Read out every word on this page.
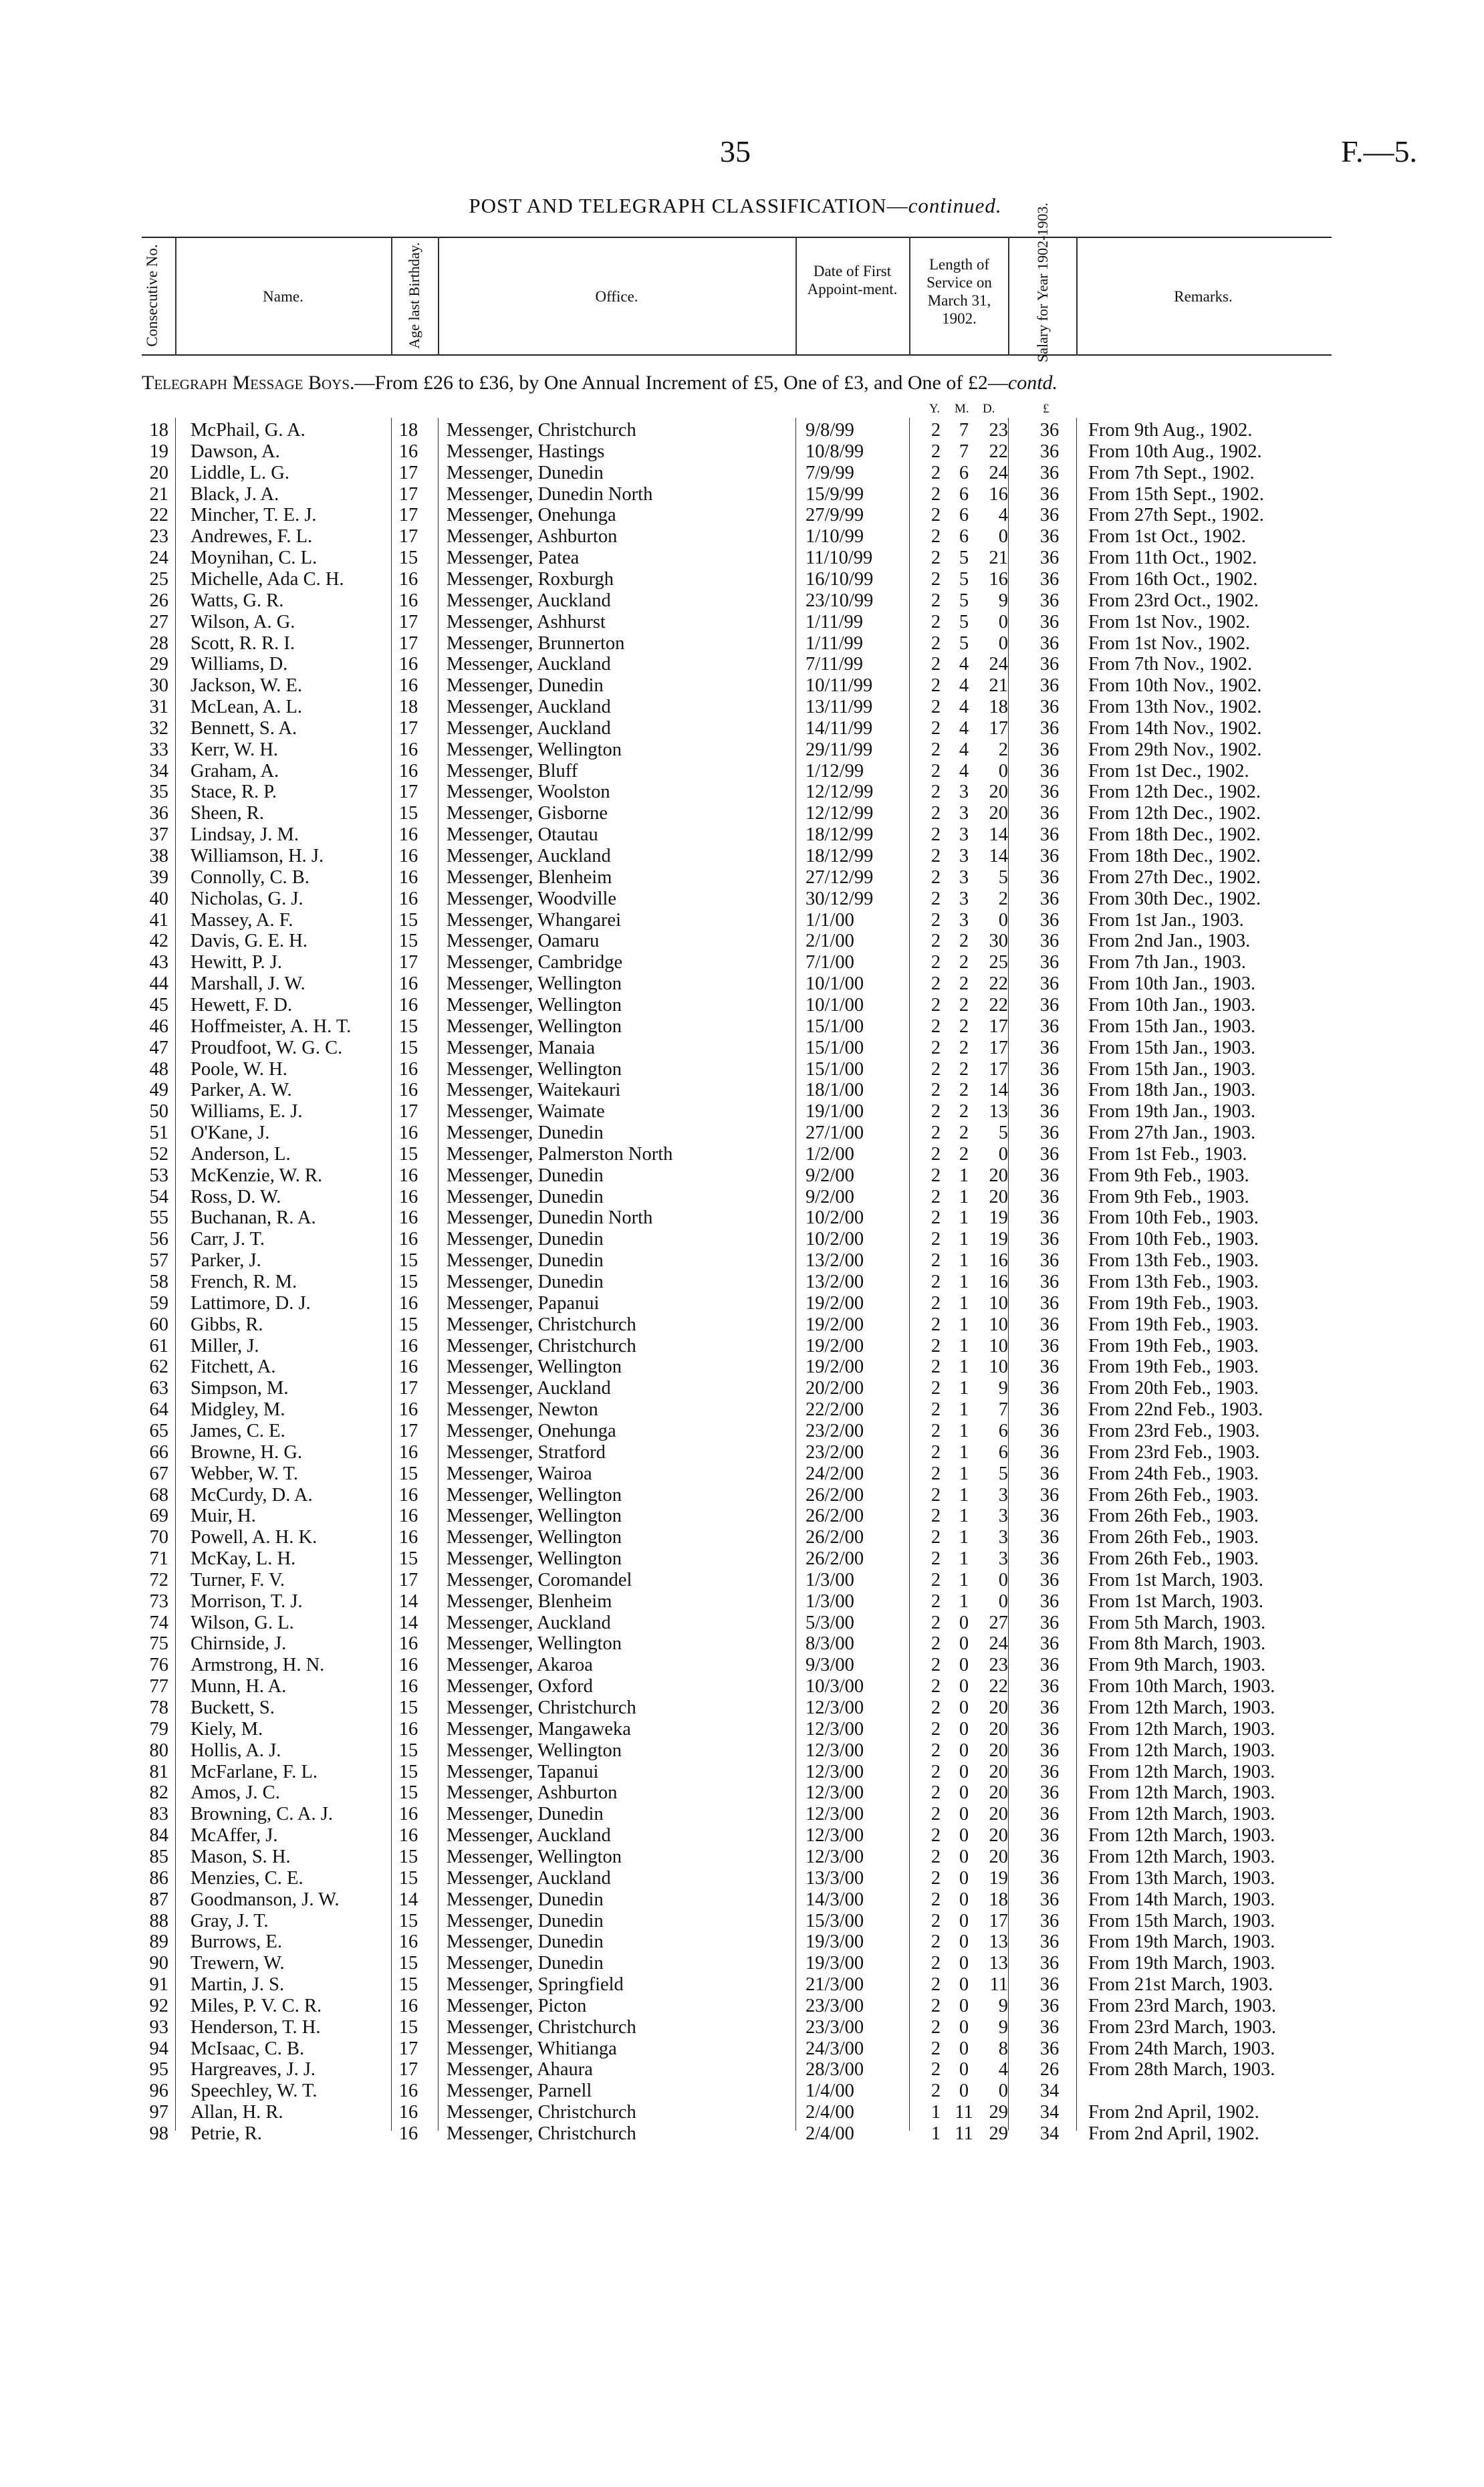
35	F.—5.
POST AND TELEGRAPH CLASSIFICATION—continued.
Consecutive No.	Name.	Age last Birthday.	Office.
Date of First Appoint-ment.
Length of Service on March 31, 1902.	Salary for Year 1902-1903.	Remarks.
Telegraph Message Boys.—From £26 to £36, by One Annual Increment of £5, One of £3, and One of £2—contd.
Y. M. D.	£
18 McPhail, G. A.	18	Messenger, Christchurch	9/8/99	2 7	23	36	From 9th Aug., 1902.
19 Dawson, A.	16	Messenger, Hastings	10/8/99	2 7	22	36	From 10th Aug., 1902.
20 Liddle, L. G.	17	Messenger, Dunedin	7/9/99	2 6	24	36	From 7th Sept., 1902.
21 Black, J. A.	17	Messenger, Dunedin North	15/9/99	2 6	16	36	From 15th Sept., 1902.
22 Mincher, T. E. J.	17	Messenger, Onehunga	27/9/99	2 6	4	36	From 27th Sept., 1902.
23 Andrewes, F. L.	17	Messenger, Ashburton	1/10/99	2 6	0	36	From 1st Oct., 1902.
24 Moynihan, C. L.	15	Messenger, Patea	11/10/99	2 5	21	36	From 11th Oct., 1902.
25 Michelle, Ada C. H.	16	Messenger, Roxburgh	16/10/99	2 5	16	36	From 16th Oct., 1902.
26 Watts, G. R.	16	Messenger, Auckland	23/10/99	2 5	9	36	From 23rd Oct., 1902.
27 Wilson, A. G.	17	Messenger, Ashhurst	1/11/99	2 5	0	36	From 1st Nov., 1902.
28 Scott, R. R. I.	17	Messenger, Brunnerton	1/11/99	2 5	0	36	From 1st Nov., 1902.
29 Williams, D.	16	Messenger, Auckland	7/11/99	2 4	24	36	From 7th Nov., 1902.
30 Jackson, W. E.	16	Messenger, Dunedin	10/11/99	2 4	21	36	From 10th Nov., 1902.
31 McLean, A. L.	18	Messenger, Auckland	13/11/99	2 4	18	36	From 13th Nov., 1902.
32 Bennett, S. A.	17	Messenger, Auckland	14/11/99	2 4	17	36	From 14th Nov., 1902.
33 Kerr, W. H.	16	Messenger, Wellington	29/11/99	2 4	2	36	From 29th Nov., 1902.
34 Graham, A.	16	Messenger, Bluff	1/12/99	2 4	0	36	From 1st Dec., 1902.
35 Stace, R. P.	17	Messenger, Woolston	12/12/99	2 3	20	36	From 12th Dec., 1902.
36 Sheen, R.	15	Messenger, Gisborne	12/12/99	2 3	20	36	From 12th Dec., 1902.
37 Lindsay, J. M.	16	Messenger, Otautau	18/12/99	2 3	14	36	From 18th Dec., 1902.
38 Williamson, H. J.	16	Messenger, Auckland	18/12/99	2 3	14	36	From 18th Dec., 1902.
39 Connolly, C. B.	16	Messenger, Blenheim	27/12/99	2 3	5	36	From 27th Dec., 1902.
40 Nicholas, G. J.	16	Messenger, Woodville	30/12/99	2 3	2	36	From 30th Dec., 1902.
41 Massey, A. F.	15	Messenger, Whangarei	1/1/00	2 3	0	36	From 1st Jan., 1903.
42 Davis, G. E. H.	15	Messenger, Oamaru	2/1/00	2 2	30	36	From 2nd Jan., 1903.
43 Hewitt, P. J.	17	Messenger, Cambridge	7/1/00	2 2	25	36	From 7th Jan., 1903.
44 Marshall, J. W.	16	Messenger, Wellington	10/1/00	2 2	22	36	From 10th Jan., 1903.
45 Hewett, F. D.	16	Messenger, Wellington	10/1/00	2 2	22	36	From 10th Jan., 1903.
46 Hoffmeister, A. H. T.	15	Messenger, Wellington	15/1/00	2 2	17	36	From 15th Jan., 1903.
47 Proudfoot, W. G. C.	15	Messenger, Manaia	15/1/00	2 2	17	36	From 15th Jan., 1903.
48 Poole, W. H.	16	Messenger, Wellington	15/1/00	2 2	17	36	From 15th Jan., 1903.
49 Parker, A. W.	16	Messenger, Waitekauri	18/1/00	2 2	14	36	From 18th Jan., 1903.
50 Williams, E. J.	17	Messenger, Waimate	19/1/00	2 2	13	36	From 19th Jan., 1903.
51 O'Kane, J.	16	Messenger, Dunedin	27/1/00	2 2	5	36	From 27th Jan., 1903.
52 Anderson, L.	15	Messenger, Palmerston North	1/2/00	2 2	0	36	From 1st Feb., 1903.
53 McKenzie, W. R.	16	Messenger, Dunedin	9/2/00	2 1	20	36	From 9th Feb., 1903.
54 Ross, D. W.	16	Messenger, Dunedin	9/2/00	2 1	20	36	From 9th Feb., 1903.
55 Buchanan, R. A.	16	Messenger, Dunedin North	10/2/00	2 1	19	36	From 10th Feb., 1903.
56 Carr, J. T.	16	Messenger, Dunedin	10/2/00	2 1	19	36	From 10th Feb., 1903.
57 Parker, J.	15	Messenger, Dunedin	13/2/00	2 1	16	36	From 13th Feb., 1903.
58 French, R. M.	15	Messenger, Dunedin	13/2/00	2 1	16	36	From 13th Feb., 1903.
59 Lattimore, D. J.	16	Messenger, Papanui	19/2/00	2 1	10	36	From 19th Feb., 1903.
60 Gibbs, R.	15	Messenger, Christchurch	19/2/00	2 1	10	36	From 19th Feb., 1903.
61 Miller, J.	16	Messenger, Christchurch	19/2/00	2 1	10	36	From 19th Feb., 1903.
62 Fitchett, A.	16	Messenger, Wellington	19/2/00	2 1	10	36	From 19th Feb., 1903.
63 Simpson, M.	17	Messenger, Auckland	20/2/00	2 1	9	36	From 20th Feb., 1903.
64 Midgley, M.	16	Messenger, Newton	22/2/00	2 1	7	36	From 22nd Feb., 1903.
65 James, C. E.	17	Messenger, Onehunga	23/2/00	2 1	6	36	From 23rd Feb., 1903.
66 Browne, H. G.	16	Messenger, Stratford	23/2/00	2 1	6	36	From 23rd Feb., 1903.
67 Webber, W. T.	15	Messenger, Wairoa	24/2/00	2 1	5	36	From 24th Feb., 1903.
68 McCurdy, D. A.	16	Messenger, Wellington	26/2/00	2 1	3	36	From 26th Feb., 1903.
69 Muir, H.	16	Messenger, Wellington	26/2/00	2 1	3	36	From 26th Feb., 1903.
70 Powell, A. H. K.	16	Messenger, Wellington	26/2/00	2 1	3	36	From 26th Feb., 1903.
71 McKay, L. H.	15	Messenger, Wellington	26/2/00	2 1	3	36	From 26th Feb., 1903.
72 Turner, F. V.	17	Messenger, Coromandel	1/3/00	2 1	0	36	From 1st March, 1903.
73 Morrison, T. J.	14	Messenger, Blenheim	1/3/00	2 1	0	36	From 1st March, 1903.
74 Wilson, G. L.	14	Messenger, Auckland	5/3/00	2 0	27	36	From 5th March, 1903.
75 Chirnside, J.	16	Messenger, Wellington	8/3/00	2 0	24	36	From 8th March, 1903.
76 Armstrong, H. N.	16	Messenger, Akaroa	9/3/00	2 0	23	36	From 9th March, 1903.
77 Munn, H. A.	16	Messenger, Oxford	10/3/00	2 0	22	36	From 10th March, 1903.
78 Buckett, S.	15	Messenger, Christchurch	12/3/00	2 0	20	36	From 12th March, 1903.
79 Kiely, M.	16	Messenger, Mangaweka	12/3/00	2 0	20	36	From 12th March, 1903.
80 Hollis, A. J.	15	Messenger, Wellington	12/3/00	2 0	20	36	From 12th March, 1903.
81 McFarlane, F. L.	15	Messenger, Tapanui	12/3/00	2 0	20	36	From 12th March, 1903.
82 Amos, J. C.	15	Messenger, Ashburton	12/3/00	2 0	20	36	From 12th March, 1903.
83 Browning, C. A. J.	16	Messenger, Dunedin	12/3/00	2 0	20	36	From 12th March, 1903.
84 McAffer, J.	16	Messenger, Auckland	12/3/00	2 0	20	36	From 12th March, 1903.
85 Mason, S. H.	15	Messenger, Wellington	12/3/00	2 0	20	36	From 12th March, 1903.
86 Menzies, C. E.	15	Messenger, Auckland	13/3/00	2 0	19	36	From 13th March, 1903.
87 Goodmanson, J. W.	14	Messenger, Dunedin	14/3/00	2 0	18	36	From 14th March, 1903.
88 Gray, J. T.	15	Messenger, Dunedin	15/3/00	2 0	17	36	From 15th March, 1903.
89 Burrows, E.	16	Messenger, Dunedin	19/3/00	2 0	13	36	From 19th March, 1903.
90 Trewern, W.	15	Messenger, Dunedin	19/3/00	2 0	13	36	From 19th March, 1903.
91 Martin, J. S.	15	Messenger, Springfield	21/3/00	2 0	11	36	From 21st March, 1903.
92 Miles, P. V. C. R.	16	Messenger, Picton	23/3/00	2 0	9	36	From 23rd March, 1903.
93 Henderson, T. H.	15	Messenger, Christchurch	23/3/00	2 0	9	36	From 23rd March, 1903.
94 McIsaac, C. B.	17	Messenger, Whitianga	24/3/00	2 0	8	36	From 24th March, 1903.
95 Hargreaves, J. J.	17	Messenger, Ahaura	28/3/00	2 0	4	26	From 28th March, 1903.
96 Speechley, W. T.	16	Messenger, Parnell	1/4/00	2 0	0	34
97 Allan, H. R.	16	Messenger, Christchurch	2/4/00	1 11 29	34	From 2nd April, 1902.
98 Petrie, R.	16	Messenger, Christchurch	2/4/00	1 11 29	34	From 2nd April, 1902.
